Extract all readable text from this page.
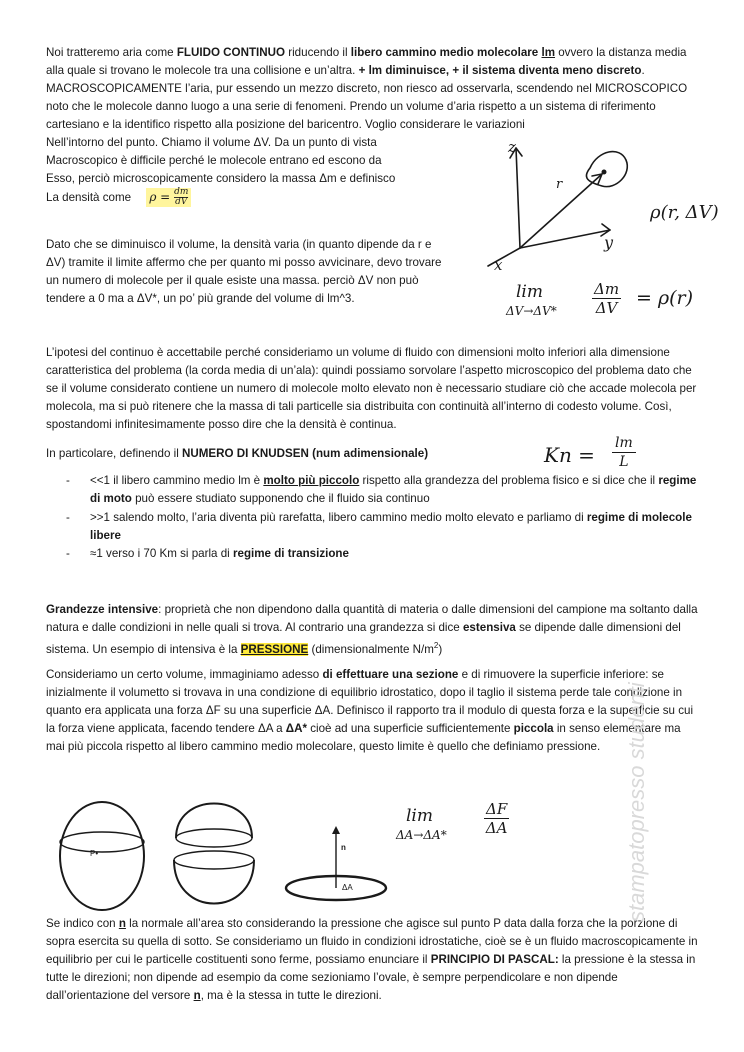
Noi tratteremo aria come FLUIDO CONTINUO riducendo il libero cammino medio molecolare lm ovvero la distanza media alla quale si trovano le molecole tra una collisione e un’altra. + lm diminuisce, + il sistema diventa meno discreto. MACROSCOPICAMENTE l’aria, pur essendo un mezzo discreto, non riesco ad osservarla, scendendo nel MICROSCOPICO noto che le molecole danno luogo a una serie di fenomeni. Prendo un volume d’aria rispetto a un sistema di riferimento cartesiano e la identifico rispetto alla posizione del baricentro. Voglio considerare le variazioni

Nell’intorno del punto. Chiamo il volume ΔV. Da un punto di vista

Macroscopico è difficile perché le molecole entrano ed escono da

Esso, perciò microscopicamente considero la massa Δm e definisco

La densità come $\rho = \frac{dm}{dV}$

z
y
x
r
ρ(r, ΔV)

Dato che se diminuisco il volume, la densità varia (in quanto dipende da r e ΔV) tramite il limite affermo che per quanto mi posso avvicinare, devo trovare un numero di molecole per il quale esiste una massa. perciò ΔV non può tendere a 0 ma a ΔV*, un po’ più grande del volume di lm^3.	lim
ΔV→ΔV*
Δm
ΔV = ρ(r)

L’ipotesi del continuo è accettabile perché consideriamo un volume di fluido con dimensioni molto inferiori alla dimensione caratteristica del problema (la corda media di un’ala): quindi possiamo sorvolare l’aspetto microscopico del problema dato che se il volume considerato contiene un numero di molecole molto elevato non è necessario studiare ciò che accade molecola per molecola, ma si può ritenere che la massa di tali particelle sia distribuita con continuità all’interno di codesto volume. Così, spostandomi infinitesimamente posso dire che la densità è continua.

In particolare, definendo il NUMERO DI KNUDSEN (num adimensionale)	Kn = lm
L
- <<1 il libero cammino medio lm è molto più piccolo rispetto alla grandezza del problema fisico e si dice che il regime di moto può essere studiato supponendo che il fluido sia continuo

- >>1 salendo molto, l’aria diventa più rarefatta, libero cammino medio molto elevato e parliamo di regime di molecole libere

- ≈1 verso i 70 Km si parla di regime di transizione

Grandezze intensive: proprietà che non dipendono dalla quantità di materia o dalle dimensioni del campione ma soltanto dalla natura e dalle condizioni in nelle quali si trova. Al contrario una grandezza si dice estensiva se dipende dalle dimensioni del sistema. Un esempio di intensiva è la PRESSIONE (dimensionalmente $N/m^2$)

Consideriamo un certo volume, immaginiamo adesso di effettuare una sezione e di rimuovere la superficie inferiore: se inizialmente il volumetto si trovava in una condizione di equilibrio idrostatico, dopo il taglio il sistema perde tale condizione in quanto era applicata una forza ΔF su una superficie ΔA. Definisco il rapporto tra il modulo di questa forza e la superficie su cui la forza viene applicata, facendo tendere ΔA a ΔA* cioè ad una superficie sufficientemente piccola in senso elementare ma mai più piccola rispetto al libero cammino medio molecolare, questo limite è quello che definiamo pressione.

P•
n
ΔA
lim
ΔA→ΔA*
ΔF
ΔA

Se indico con n la normale all’area sto considerando la pressione che agisce sul punto P data dalla forza che la porzione di sopra esercita su quella di sotto. Se consideriamo un fluido in condizioni idrostatiche, cioè se è un fluido macroscopicamente in equilibrio per cui le particelle costituenti sono ferme, possiamo enunciare il PRINCIPIO DI PASCAL: la pressione è la stessa in tutte le direzioni; non dipende ad esempio da come sezioniamo l’ovale, è sempre perpendicolare e non dipende dall’orientazione del versore n, ma è la stessa in tutte le direzioni.

stampatopresso studenti
